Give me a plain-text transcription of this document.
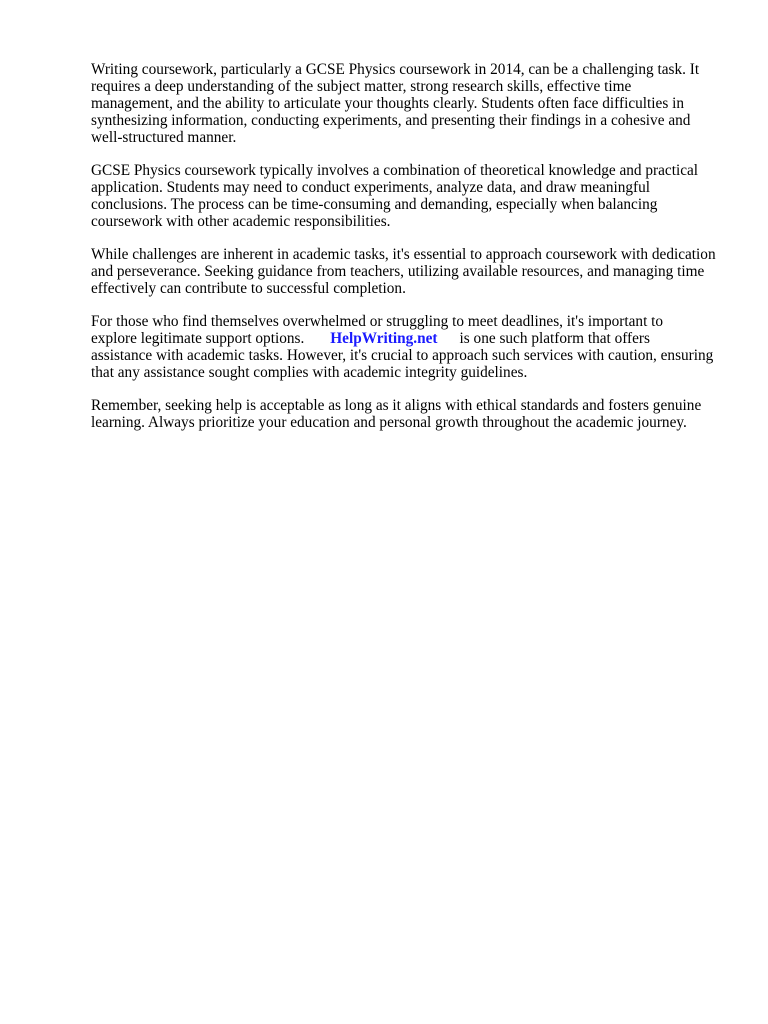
Writing coursework, particularly a GCSE Physics coursework in 2014, can be a challenging task. It
requires a deep understanding of the subject matter, strong research skills, effective time
management, and the ability to articulate your thoughts clearly. Students often face difficulties in
synthesizing information, conducting experiments, and presenting their findings in a cohesive and
well-structured manner.
GCSE Physics coursework typically involves a combination of theoretical knowledge and practical
application. Students may need to conduct experiments, analyze data, and draw meaningful
conclusions. The process can be time-consuming and demanding, especially when balancing
coursework with other academic responsibilities.
While challenges are inherent in academic tasks, it's essential to approach coursework with dedication
and perseverance. Seeking guidance from teachers, utilizing available resources, and managing time
effectively can contribute to successful completion.
For those who find themselves overwhelmed or struggling to meet deadlines, it's important to
explore legitimate support options. HelpWriting.net is one such platform that offers
assistance with academic tasks. However, it's crucial to approach such services with caution, ensuring
that any assistance sought complies with academic integrity guidelines.
Remember, seeking help is acceptable as long as it aligns with ethical standards and fosters genuine
learning. Always prioritize your education and personal growth throughout the academic journey.
